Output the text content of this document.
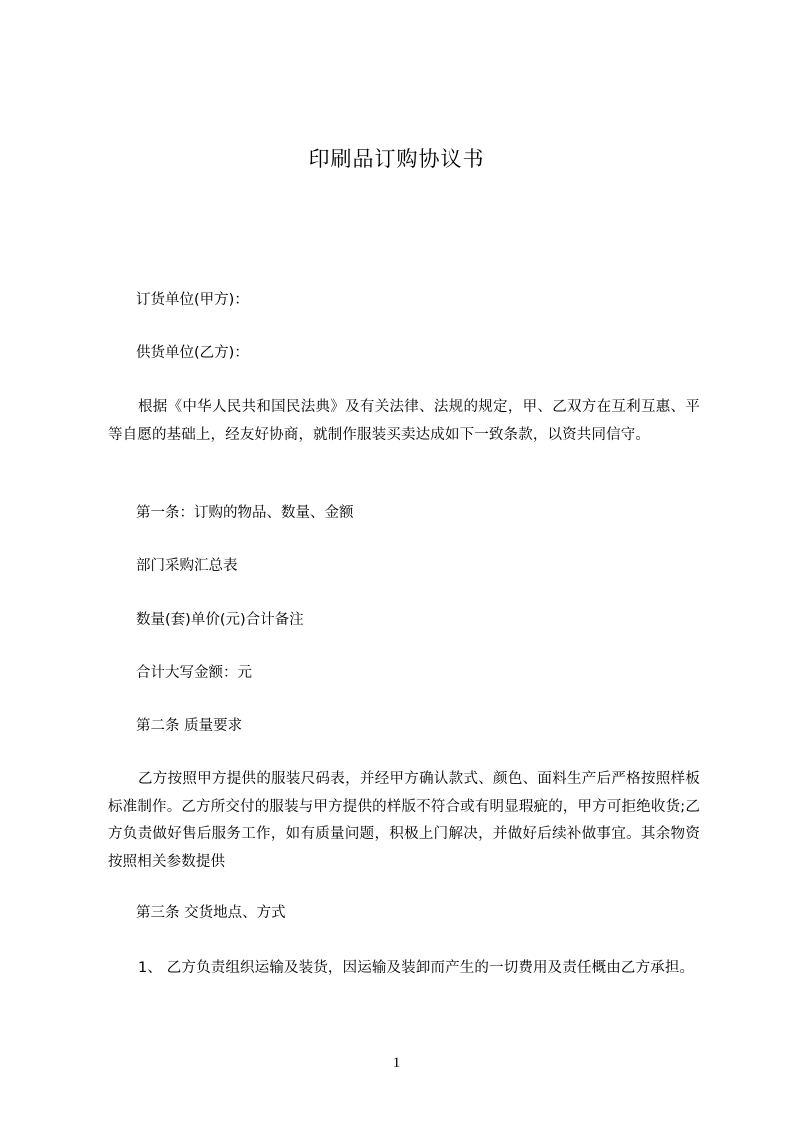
印刷品订购协议书
订货单位(甲方)：
供货单位(乙方)：
根据《中华人民共和国民法典》及有关法律、法规的规定，甲、乙双方在互利互惠、平等自愿的基础上，经友好协商，就制作服装买卖达成如下一致条款，以资共同信守。
第一条：订购的物品、数量、金额
部门采购汇总表
数量(套)单价(元)合计备注
合计大写金额：元
第二条 质量要求
乙方按照甲方提供的服装尺码表，并经甲方确认款式、颜色、面料生产后严格按照样板标准制作。乙方所交付的服装与甲方提供的样版不符合或有明显瑕疵的，甲方可拒绝收货;乙方负责做好售后服务工作，如有质量问题，积极上门解决，并做好后续补做事宜。其余物资按照相关参数提供
第三条 交货地点、方式
1、 乙方负责组织运输及装货，因运输及装卸而产生的一切费用及责任概由乙方承担。
1
